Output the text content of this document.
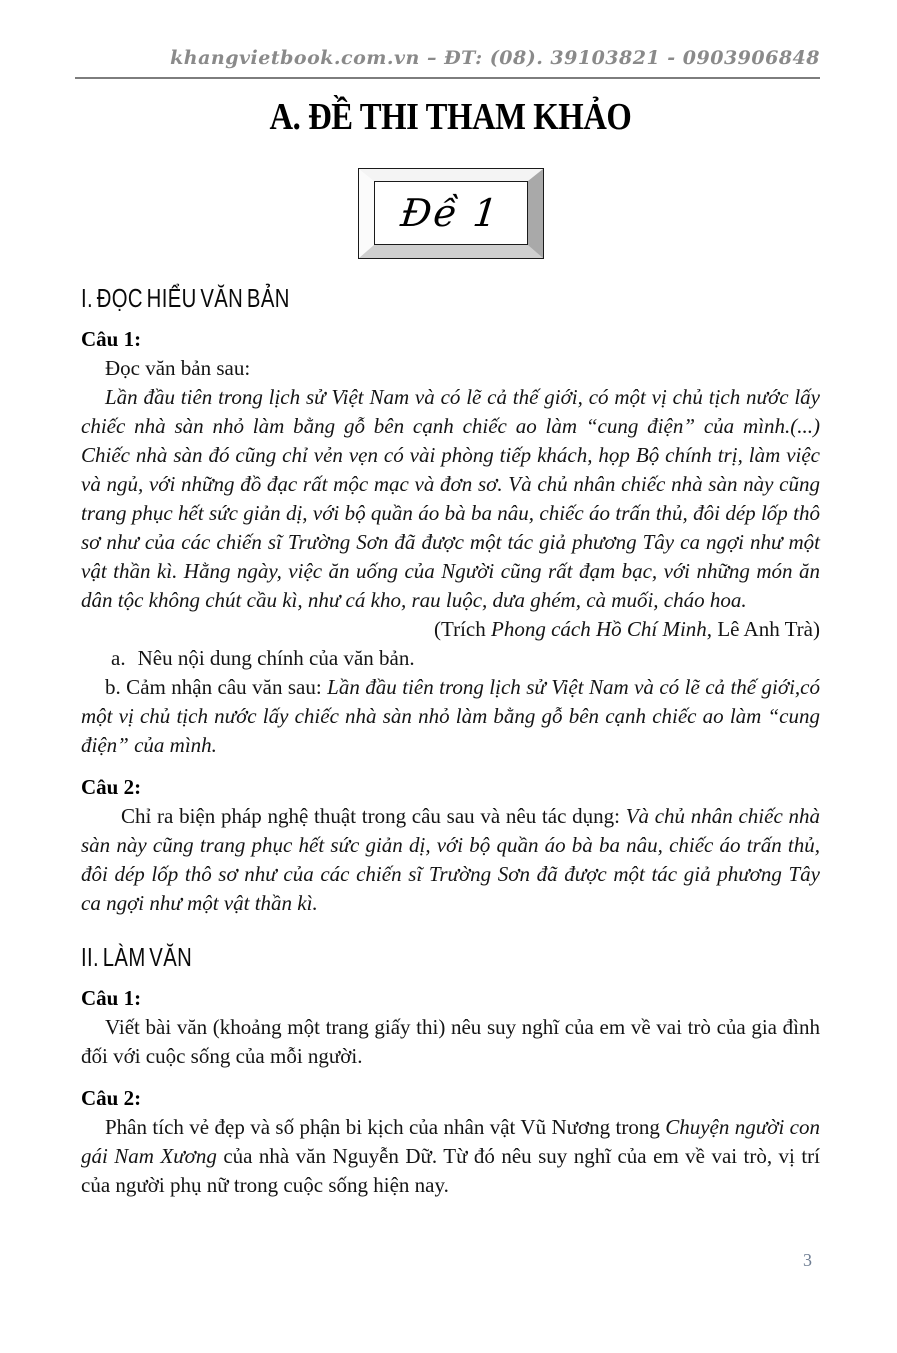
khangvietbook.com.vn – ĐT: (08). 39103821 - 0903906848
A. ĐỀ THI THAM KHẢO
Đề 1
I. ĐỌC HIỂU VĂN BẢN

Câu 1:

Đọc văn bản sau:

Lần đầu tiên trong lịch sử Việt Nam và có lẽ cả thế giới, có một vị chủ tịch nước lấy chiếc nhà sàn nhỏ làm bằng gỗ bên cạnh chiếc ao làm “cung điện” của mình.(...) Chiếc nhà sàn đó cũng chỉ vẻn vẹn có vài phòng tiếp khách, họp Bộ chính trị, làm việc và ngủ, với những đồ đạc rất mộc mạc và đơn sơ. Và chủ nhân chiếc nhà sàn này cũng trang phục hết sức giản dị, với bộ quần áo bà ba nâu, chiếc áo trấn thủ, đôi dép lốp thô sơ như của các chiến sĩ Trường Sơn đã được một tác giả phương Tây ca ngợi như một vật thần kì. Hằng ngày, việc ăn uống của Người cũng rất đạm bạc, với những món ăn dân tộc không chút cầu kì, như cá kho, rau luộc, dưa ghém, cà muối, cháo hoa.

(Trích Phong cách Hồ Chí Minh, Lê Anh Trà)

a. Nêu nội dung chính của văn bản.

b. Cảm nhận câu văn sau: Lần đầu tiên trong lịch sử Việt Nam và có lẽ cả thế giới,có một vị chủ tịch nước lấy chiếc nhà sàn nhỏ làm bằng gỗ bên cạnh chiếc ao làm “cung điện” của mình.

Câu 2:

Chỉ ra biện pháp nghệ thuật trong câu sau và nêu tác dụng: Và chủ nhân chiếc nhà sàn này cũng trang phục hết sức giản dị, với bộ quần áo bà ba nâu, chiếc áo trấn thủ, đôi dép lốp thô sơ như của các chiến sĩ Trường Sơn đã được một tác giả phương Tây ca ngợi như một vật thần kì.

II. LÀM VĂN

Câu 1:

Viết bài văn (khoảng một trang giấy thi) nêu suy nghĩ của em về vai trò của gia đình đối với cuộc sống của mỗi người.

Câu 2:

Phân tích vẻ đẹp và số phận bi kịch của nhân vật Vũ Nương trong Chuyện người con gái Nam Xương của nhà văn Nguyễn Dữ. Từ đó nêu suy nghĩ của em về vai trò, vị trí của người phụ nữ trong cuộc sống hiện nay.

3
